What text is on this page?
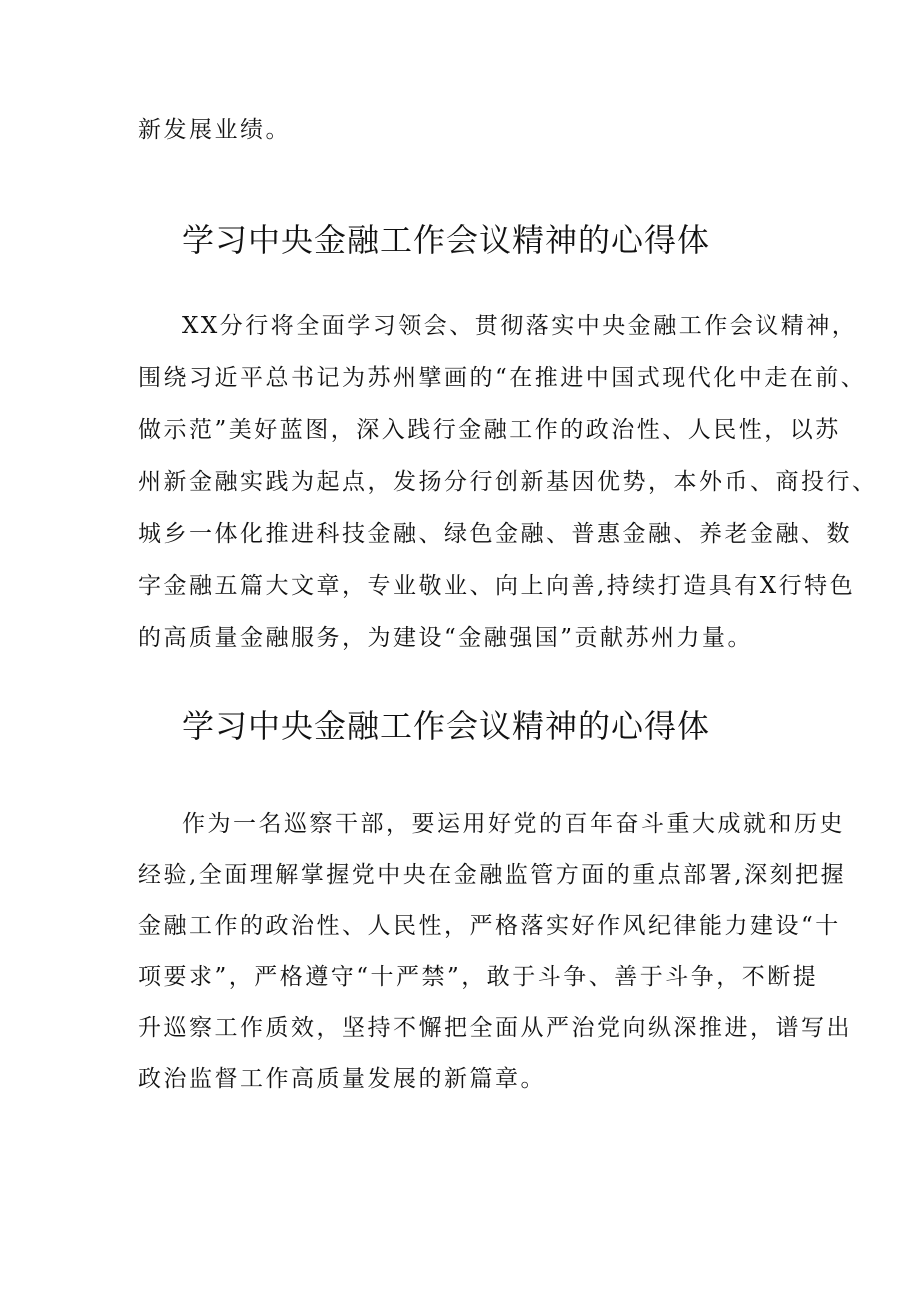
新发展业绩。

学习中央金融工作会议精神的心得体

XX分行将全面学习领会、贯彻落实中央金融工作会议精神，

围绕习近平总书记为苏州擘画的“在推进中国式现代化中走在前、

做示范”美好蓝图，深入践行金融工作的政治性、人民性，以苏

州新金融实践为起点，发扬分行创新基因优势，本外币、商投行、

城乡一体化推进科技金融、绿色金融、普惠金融、养老金融、数

字金融五篇大文章，专业敬业、向上向善,持续打造具有X行特色

的高质量金融服务，为建设“金融强国”贡献苏州力量。

学习中央金融工作会议精神的心得体

作为一名巡察干部，要运用好党的百年奋斗重大成就和历史

经验,全面理解掌握党中央在金融监管方面的重点部署,深刻把握

金融工作的政治性、人民性，严格落实好作风纪律能力建设“十

项要求”，严格遵守“十严禁”，敢于斗争、善于斗争，不断提

升巡察工作质效，坚持不懈把全面从严治党向纵深推进，谱写出

政治监督工作高质量发展的新篇章。
